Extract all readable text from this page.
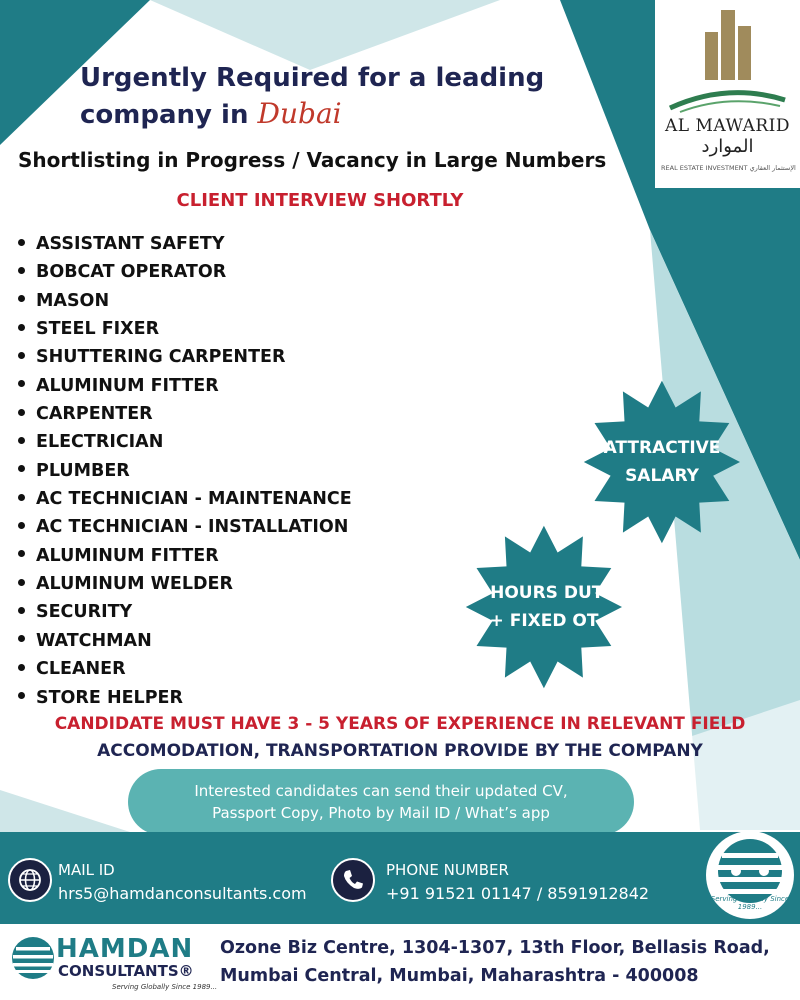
Urgently Required for a leading
company in Dubai
Shortlisting in Progress / Vacancy in Large Numbers
CLIENT INTERVIEW SHORTLY
AL MAWARID
الموارد
REAL ESTATE INVESTMENT الإستثمار العقاري
ASSISTANT SAFETY
BOBCAT OPERATOR
MASON
STEEL FIXER
SHUTTERING CARPENTER
ALUMINUM FITTER
CARPENTER
ELECTRICIAN
PLUMBER
AC TECHNICIAN - MAINTENANCE
AC TECHNICIAN - INSTALLATION
ALUMINUM FITTER
ALUMINUM WELDER
SECURITY
WATCHMAN
CLEANER
STORE HELPER
ATTRACTIVE
SALARY
8 HOURS DUTY
+ FIXED OT
CANDIDATE MUST HAVE 3 - 5 YEARS OF EXPERIENCE IN RELEVANT FIELD
ACCOMODATION, TRANSPORTATION PROVIDE BY THE COMPANY
Interested candidates can send their updated CV,
Passport Copy, Photo by Mail ID / What’s app
MAIL ID
hrs5@hamdanconsultants.com
PHONE NUMBER
+91 91521 01147 / 8591912842	Serving Globally Since 1989...
HAMDAN
CONSULTANTS®
Serving Globally Since 1989...
Ozone Biz Centre, 1304-1307, 13th Floor, Bellasis Road,
Mumbai Central, Mumbai, Maharashtra - 400008
